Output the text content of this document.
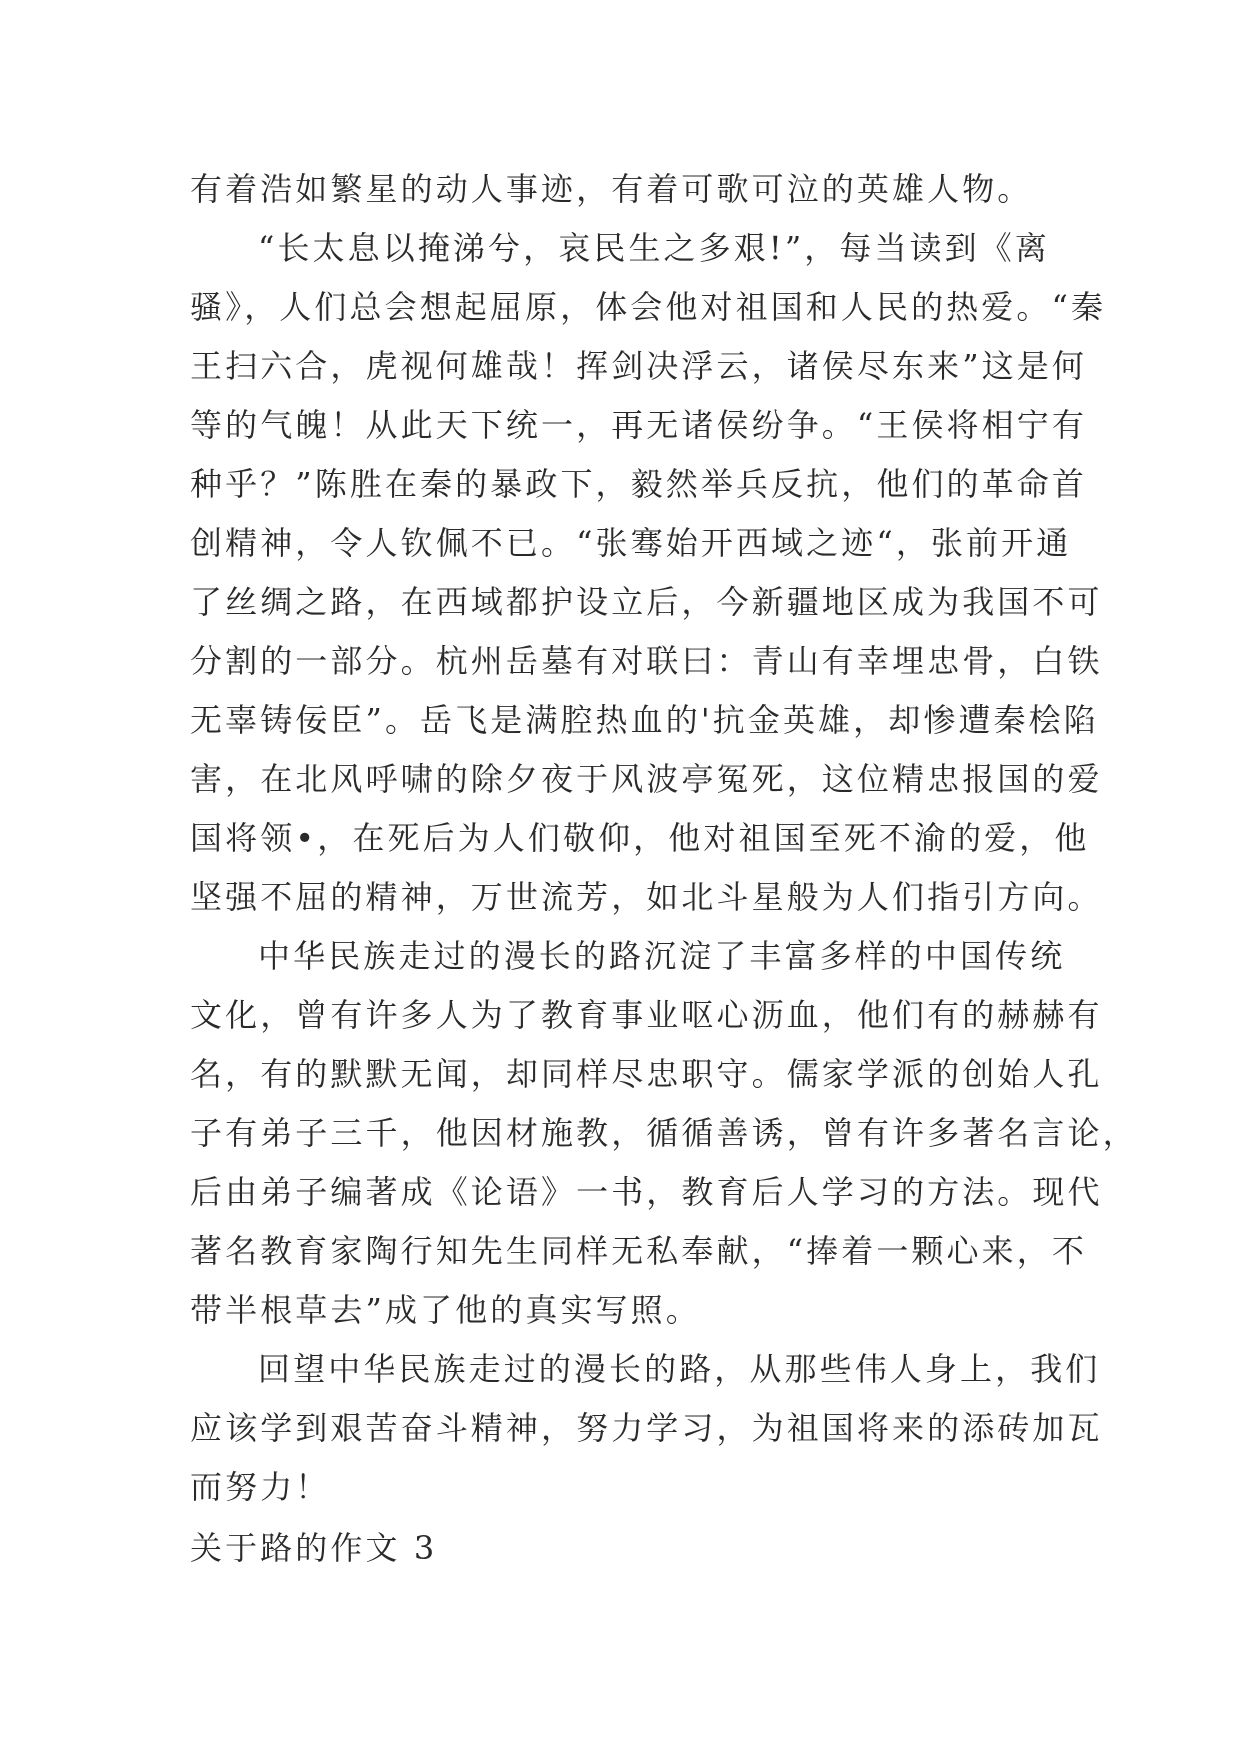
有着浩如繁星的动人事迹，有着可歌可泣的英雄人物。
“长太息以掩涕兮，哀民生之多艰!”，每当读到《离
骚》，人们总会想起屈原，体会他对祖国和人民的热爱。“秦
王扫六合，虎视何雄哉！挥剑决浮云，诸侯尽东来”这是何
等的气魄！从此天下统一，再无诸侯纷争。“王侯将相宁有
种乎？”陈胜在秦的暴政下，毅然举兵反抗，他们的革命首
创精神，令人钦佩不已。“张骞始开西域之迹“，张前开通
了丝绸之路，在西域都护设立后，今新疆地区成为我国不可
分割的一部分。杭州岳墓有对联曰：青山有幸埋忠骨，白铁
无辜铸佞臣”。岳飞是满腔热血的'抗金英雄，却惨遭秦桧陷
害，在北风呼啸的除夕夜于风波亭冤死，这位精忠报国的爱
国将领•，在死后为人们敬仰，他对祖国至死不渝的爱，他
坚强不屈的精神，万世流芳，如北斗星般为人们指引方向。
中华民族走过的漫长的路沉淀了丰富多样的中国传统
文化，曾有许多人为了教育事业呕心沥血，他们有的赫赫有
名，有的默默无闻，却同样尽忠职守。儒家学派的创始人孔
子有弟子三千，他因材施教，循循善诱，曾有许多著名言论，
后由弟子编著成《论语》一书，教育后人学习的方法。现代
著名教育家陶行知先生同样无私奉献，“捧着一颗心来，不
带半根草去”成了他的真实写照。
回望中华民族走过的漫长的路，从那些伟人身上，我们
应该学到艰苦奋斗精神，努力学习，为祖国将来的添砖加瓦
而努力！
关于路的作文 3
